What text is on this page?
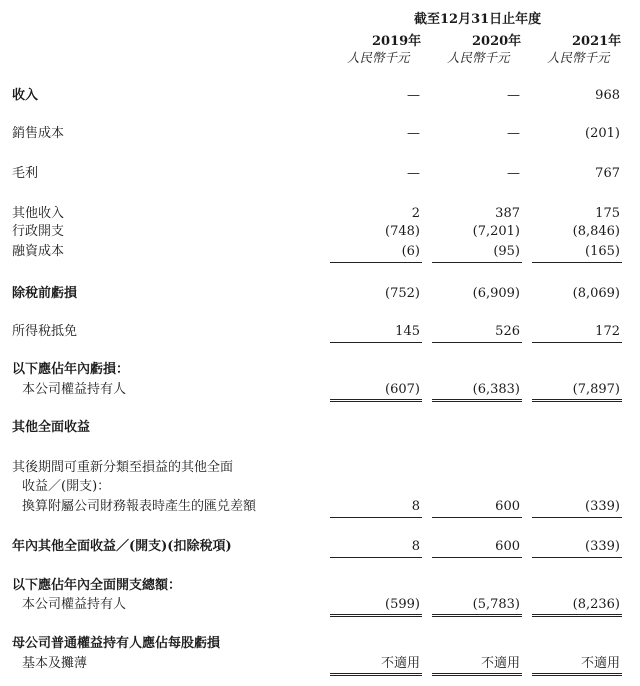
截至12月31日止年度
2019年	2020年	2021年
人民幣千元	人民幣千元	人民幣千元
收入	—	—	968
銷售成本	—	—	(201)
毛利	—	—	767
其他收入	2	387	175
行政開支	(748)	(7,201)	(8,846)
融資成本	(6)	(95)	(165)
除稅前虧損	(752)	(6,909)	(8,069)
所得稅抵免	145	526	172
以下應佔年內虧損：
本公司權益持有人	(607)	(6,383)	(7,897)
其他全面收益
其後期間可重新分類至損益的其他全面
收益／(開支)：
換算附屬公司財務報表時產生的匯兑差額	8	600	(339)
年內其他全面收益／(開支)(扣除稅項)	8	600	(339)
以下應佔年內全面開支總額：
本公司權益持有人	(599)	(5,783)	(8,236)
母公司普通權益持有人應佔每股虧損
基本及攤薄	不適用	不適用	不適用
